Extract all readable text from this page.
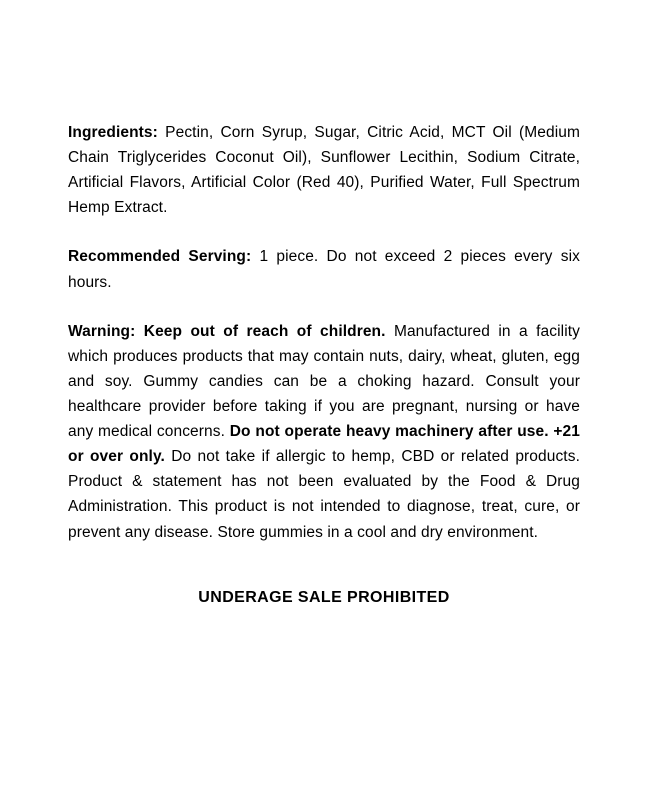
Ingredients: Pectin, Corn Syrup, Sugar, Citric Acid, MCT Oil (Medium Chain Triglycerides Coconut Oil), Sunflower Lecithin, Sodium Citrate, Artificial Flavors, Artificial Color (Red 40), Purified Water, Full Spectrum Hemp Extract.

Recommended Serving: 1 piece. Do not exceed 2 pieces every six hours.

Warning: Keep out of reach of children. Manufactured in a facility which produces products that may contain nuts, dairy, wheat, gluten, egg and soy. Gummy candies can be a choking hazard. Consult your healthcare provider before taking if you are pregnant, nursing or have any medical concerns. Do not operate heavy machinery after use. +21 or over only. Do not take if allergic to hemp, CBD or related products. Product & statement has not been evaluated by the Food & Drug Administration. This product is not intended to diagnose, treat, cure, or prevent any disease. Store gummies in a cool and dry environment.

UNDERAGE SALE PROHIBITED
